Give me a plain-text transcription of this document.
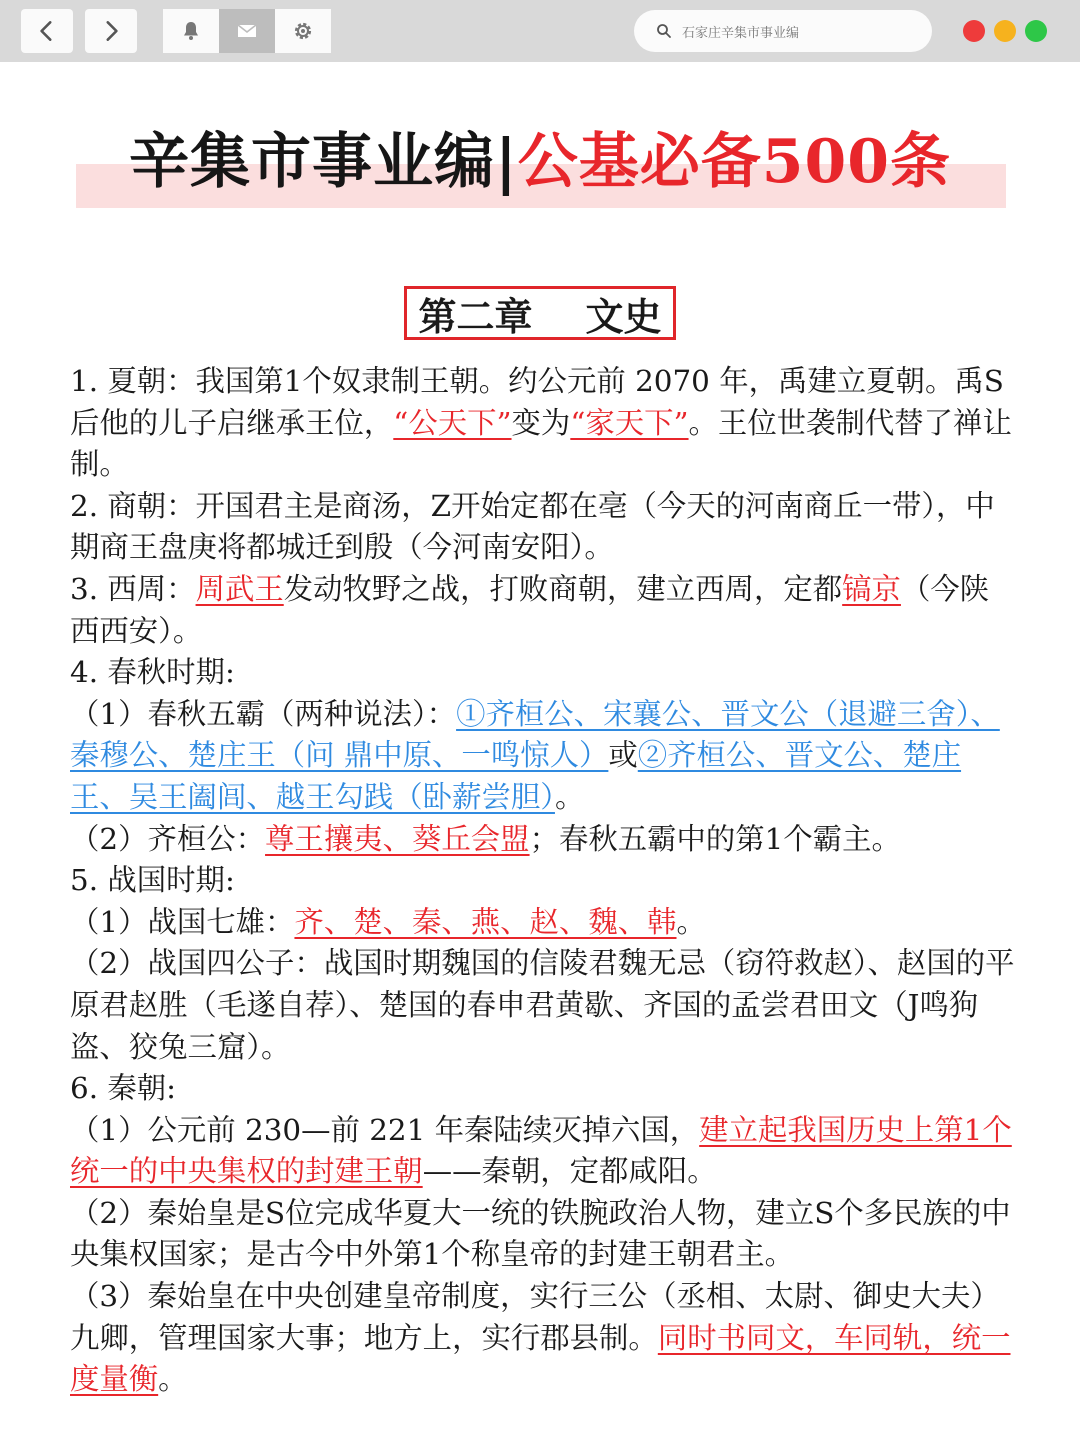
石家庄辛集市事业编
辛集市事业编|公基必备500条
第二章    文史

1. 夏朝：我国第1个奴隶制王朝。约公元前 2070 年，禹建立夏朝。禹S后他的儿子启继承王位，“公天下”变为“家天下”。王位世袭制代替了禅让制。

2. 商朝：开国君主是商汤，Z开始定都在亳（今天的河南商丘一带），中期商王盘庚将都城迁到殷（今河南安阳）。

3. 西周：周武王发动牧野之战，打败商朝，建立西周，定都镐京（今陕西西安）。

4. 春秋时期:

（1）春秋五霸（两种说法）：①齐桓公、宋襄公、晋文公（退避三舍）、秦穆公、楚庄王（问 鼎中原、一鸣惊人）或②齐桓公、晋文公、楚庄王、吴王阖闾、越王勾践（卧薪尝胆）。

（2）齐桓公：尊王攘夷、葵丘会盟；春秋五霸中的第1个霸主。

5. 战国时期:

（1）战国七雄：齐、楚、秦、燕、赵、魏、韩。

（2）战国四公子：战国时期魏国的信陵君魏无忌（窃符救赵）、赵国的平原君赵胜（毛遂自荐）、楚国的春申君黄歇、齐国的孟尝君田文（J鸣狗盗、狡兔三窟）。

6. 秦朝:

（1）公元前 230—前 221 年秦陆续灭掉六国，建立起我国历史上第1个统一的中央集权的封建王朝——秦朝，定都咸阳。

（2）秦始皇是S位完成华夏大一统的铁腕政治人物，建立S个多民族的中央集权国家；是古今中外第1个称皇帝的封建王朝君主。

（3）秦始皇在中央创建皇帝制度，实行三公（丞相、太尉、御史大夫）九卿，管理国家大事；地方上，实行郡县制。同时书同文，车同轨，统一度量衡。
